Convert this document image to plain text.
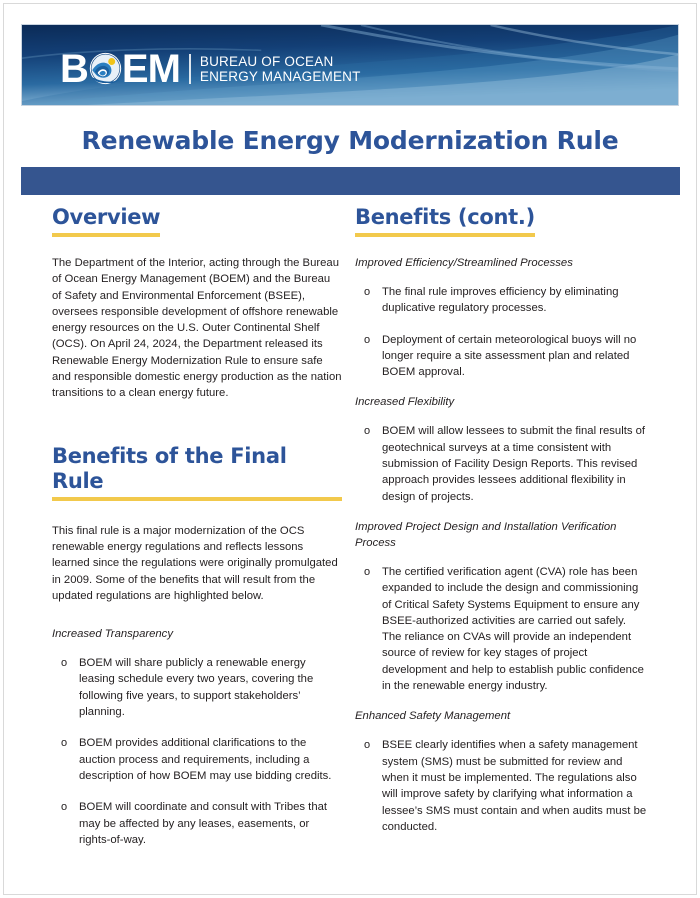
B EM BUREAU OF OCEAN
ENERGY MANAGEMENT
Renewable Energy Modernization Rule
Overview

The Department of the Interior, acting through the Bureau of Ocean Energy Management (BOEM) and the Bureau of Safety and Environmental Enforcement (BSEE), oversees responsible development of offshore renewable energy resources on the U.S. Outer Continental Shelf (OCS). On April 24, 2024, the Department released its Renewable Energy Modernization Rule to ensure safe and responsible domestic energy production as the nation transitions to a clean energy future.

Benefits of the Final Rule

This final rule is a major modernization of the OCS renewable energy regulations and reflects lessons learned since the regulations were originally promulgated in 2009. Some of the benefits that will result from the updated regulations are highlighted below.

Increased Transparency

o BOEM will share publicly a renewable energy leasing schedule every two years, covering the following five years, to support stakeholders’ planning.
o BOEM provides additional clarifications to the auction process and requirements, including a description of how BOEM may use bidding credits.
o BOEM will coordinate and consult with Tribes that may be affected by any leases, easements, or rights-of-way.
Benefits (cont.)

Improved Efficiency/Streamlined Processes

o The final rule improves efficiency by eliminating duplicative regulatory processes.
o Deployment of certain meteorological buoys will no longer require a site assessment plan and related BOEM approval.

Increased Flexibility

o BOEM will allow lessees to submit the final results of geotechnical surveys at a time consistent with submission of Facility Design Reports. This revised approach provides lessees additional flexibility in design of projects.

Improved Project Design and Installation Verification Process

o The certified verification agent (CVA) role has been expanded to include the design and commissioning of Critical Safety Systems Equipment to ensure any BSEE-authorized activities are carried out safely. The reliance on CVAs will provide an independent source of review for key stages of project development and help to establish public confidence in the renewable energy industry.

Enhanced Safety Management

o BSEE clearly identifies when a safety management system (SMS) must be submitted for review and when it must be implemented. The regulations also will improve safety by clarifying what information a lessee’s SMS must contain and when audits must be conducted.
